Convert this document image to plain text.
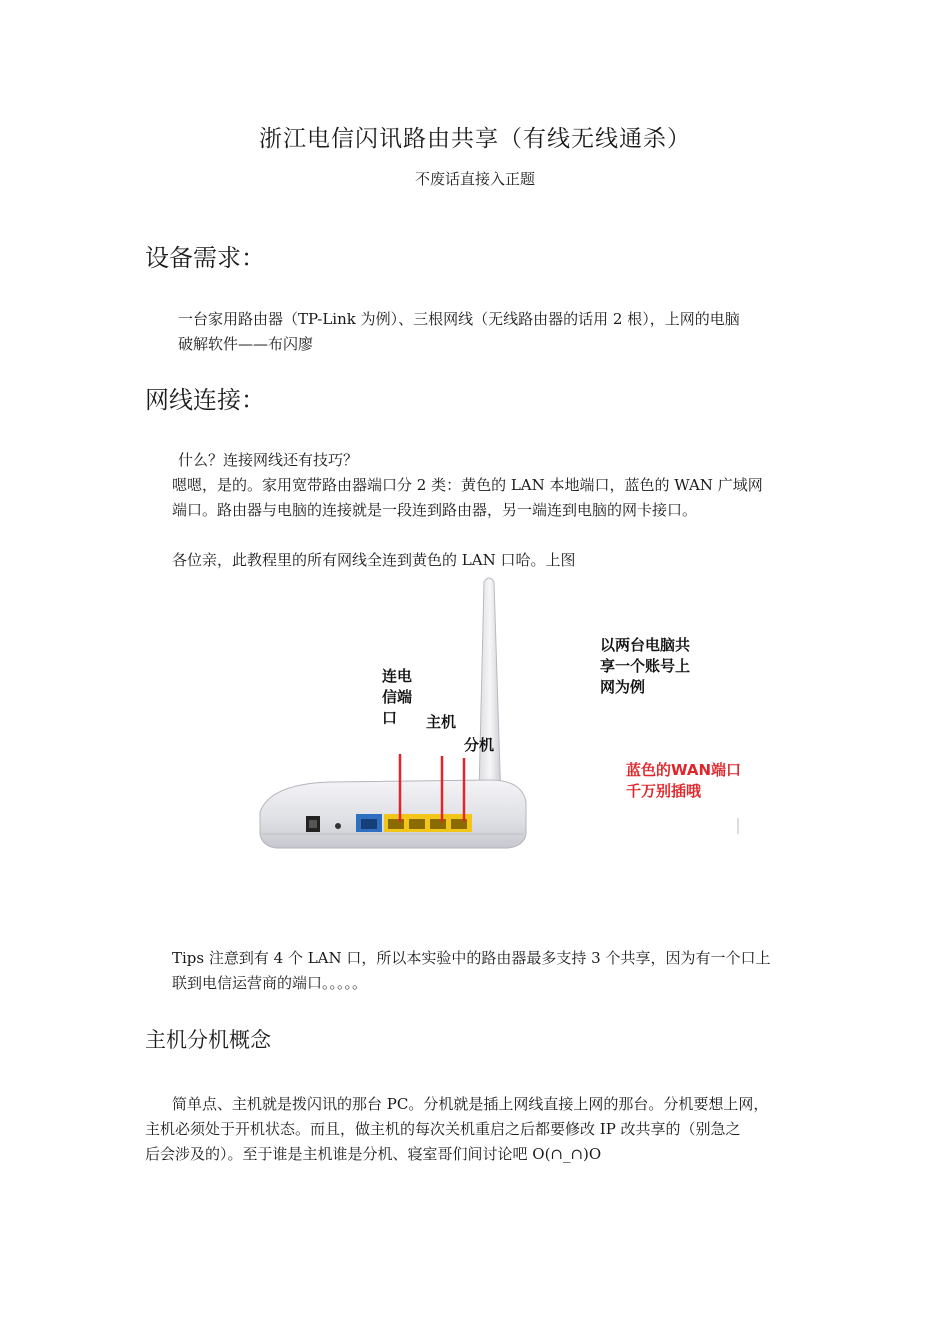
浙江电信闪讯路由共享（有线无线通杀）
不废话直接入正题
设备需求：
一台家用路由器（TP-Link 为例）、三根网线（无线路由器的话用 2 根），上网的电脑
破解软件——布闪廖
网线连接：
什么？连接网线还有技巧？
嗯嗯，是的。家用宽带路由器端口分 2 类：黄色的 LAN 本地端口，蓝色的 WAN 广域网
端口。路由器与电脑的连接就是一段连到路由器，另一端连到电脑的网卡接口。
各位亲，此教程里的所有网线全连到黄色的 LAN 口哈。上图
连电
信端
口	主机
分机
以两台电脑共
享一个账号上
网为例
蓝色的WAN端口
千万别插哦
Tips 注意到有 4 个 LAN 口，所以本实验中的路由器最多支持 3 个共享，因为有一个口上
联到电信运营商的端口。。。。。
主机分机概念
简单点、主机就是拨闪讯的那台 PC。分机就是插上网线直接上网的那台。分机要想上网，
主机必须处于开机状态。而且，做主机的每次关机重启之后都要修改 IP 改共享的（别急之
后会涉及的）。至于谁是主机谁是分机、寝室哥们间讨论吧 O(∩_∩)O
